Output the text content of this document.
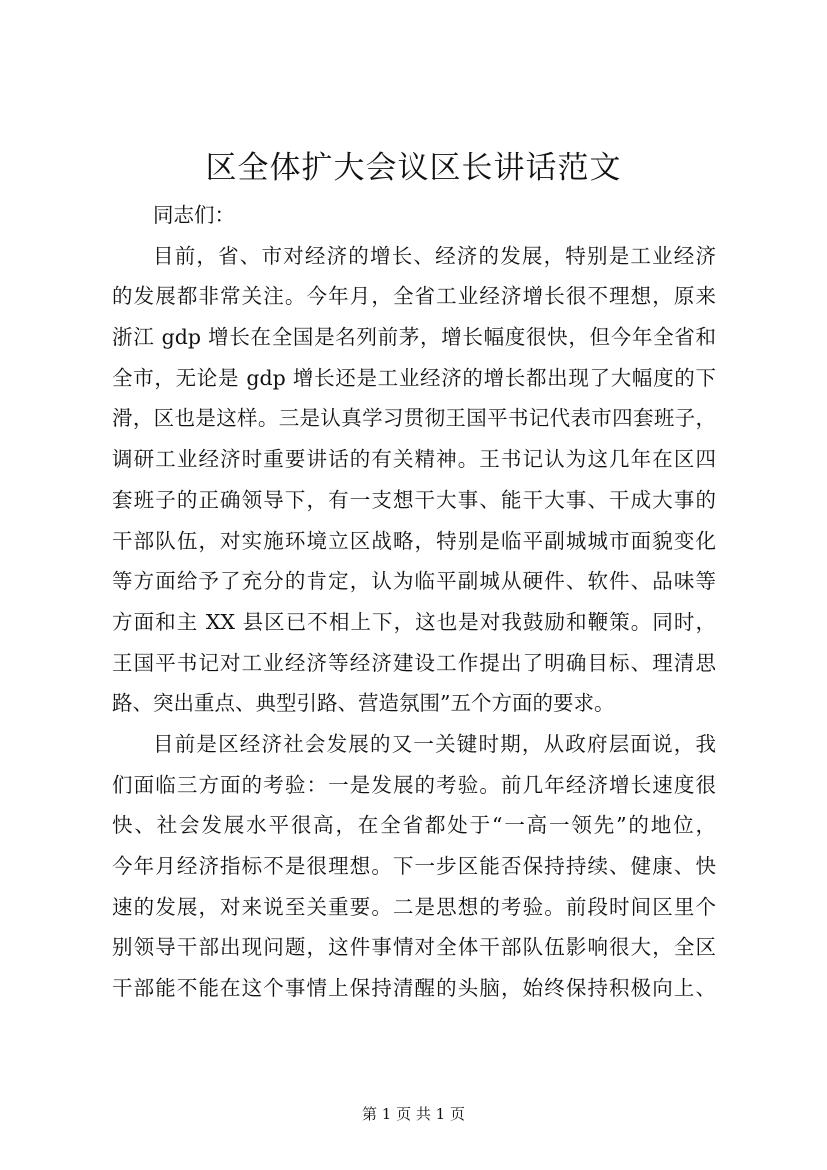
区全体扩大会议区长讲话范文
同志们：
目前，省、市对经济的增长、经济的发展，特别是工业经济
的发展都非常关注。今年月，全省工业经济增长很不理想，原来
浙江 gdp 增长在全国是名列前茅，增长幅度很快，但今年全省和
全市，无论是 gdp 增长还是工业经济的增长都出现了大幅度的下
滑，区也是这样。三是认真学习贯彻王国平书记代表市四套班子，
调研工业经济时重要讲话的有关精神。王书记认为这几年在区四
套班子的正确领导下，有一支想干大事、能干大事、干成大事的
干部队伍，对实施环境立区战略，特别是临平副城城市面貌变化
等方面给予了充分的肯定，认为临平副城从硬件、软件、品味等
方面和主 XX 县区已不相上下，这也是对我鼓励和鞭策。同时，
王国平书记对工业经济等经济建设工作提出了明确目标、理清思
路、突出重点、典型引路、营造氛围”五个方面的要求。
目前是区经济社会发展的又一关键时期，从政府层面说，我
们面临三方面的考验：一是发展的考验。前几年经济增长速度很
快、社会发展水平很高，在全省都处于“一高一领先”的地位，
今年月经济指标不是很理想。下一步区能否保持持续、健康、快
速的发展，对来说至关重要。二是思想的考验。前段时间区里个
别领导干部出现问题，这件事情对全体干部队伍影响很大，全区
干部能不能在这个事情上保持清醒的头脑，始终保持积极向上、
第 1 页 共 1 页
